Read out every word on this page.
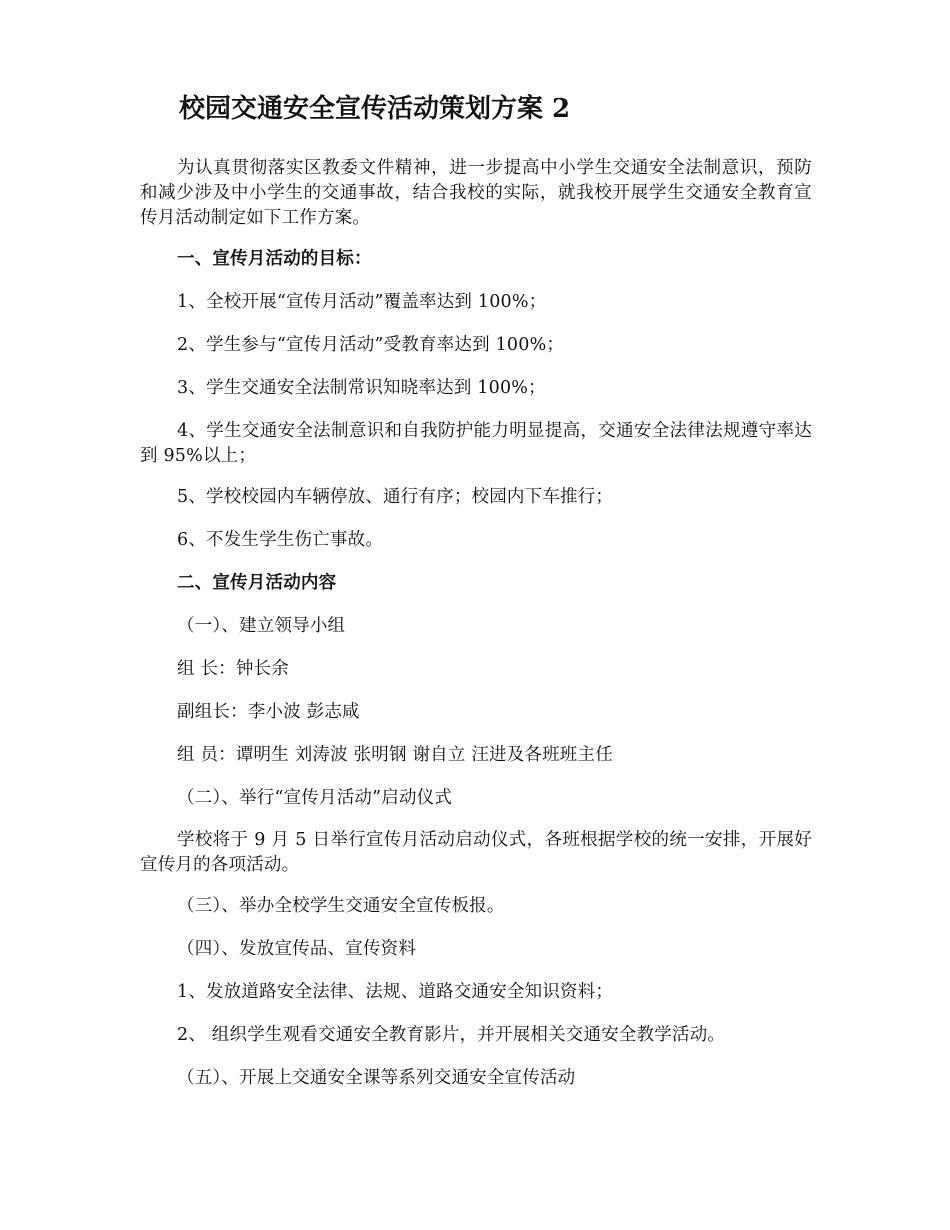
校园交通安全宣传活动策划方案 2
为认真贯彻落实区教委文件精神，进一步提高中小学生交通安全法制意识，预防和减少涉及中小学生的交通事故，结合我校的实际，就我校开展学生交通安全教育宣传月活动制定如下工作方案。
一、宣传月活动的目标：
1、全校开展“宣传月活动”覆盖率达到 100%；
2、学生参与“宣传月活动”受教育率达到 100%；
3、学生交通安全法制常识知晓率达到 100%；
4、学生交通安全法制意识和自我防护能力明显提高，交通安全法律法规遵守率达到 95%以上；
5、学校校园内车辆停放、通行有序；校园内下车推行；
6、不发生学生伤亡事故。
二、宣传月活动内容
（一）、建立领导小组
组 长：钟长余
副组长：李小波 彭志咸
组 员：谭明生 刘涛波 张明钢 谢自立 汪进及各班班主任
（二）、举行“宣传月活动”启动仪式
学校将于 9 月 5 日举行宣传月活动启动仪式，各班根据学校的统一安排，开展好宣传月的各项活动。
（三）、举办全校学生交通安全宣传板报。
（四）、发放宣传品、宣传资料
1、发放道路安全法律、法规、道路交通安全知识资料；
2、 组织学生观看交通安全教育影片，并开展相关交通安全教学活动。
（五）、开展上交通安全课等系列交通安全宣传活动
